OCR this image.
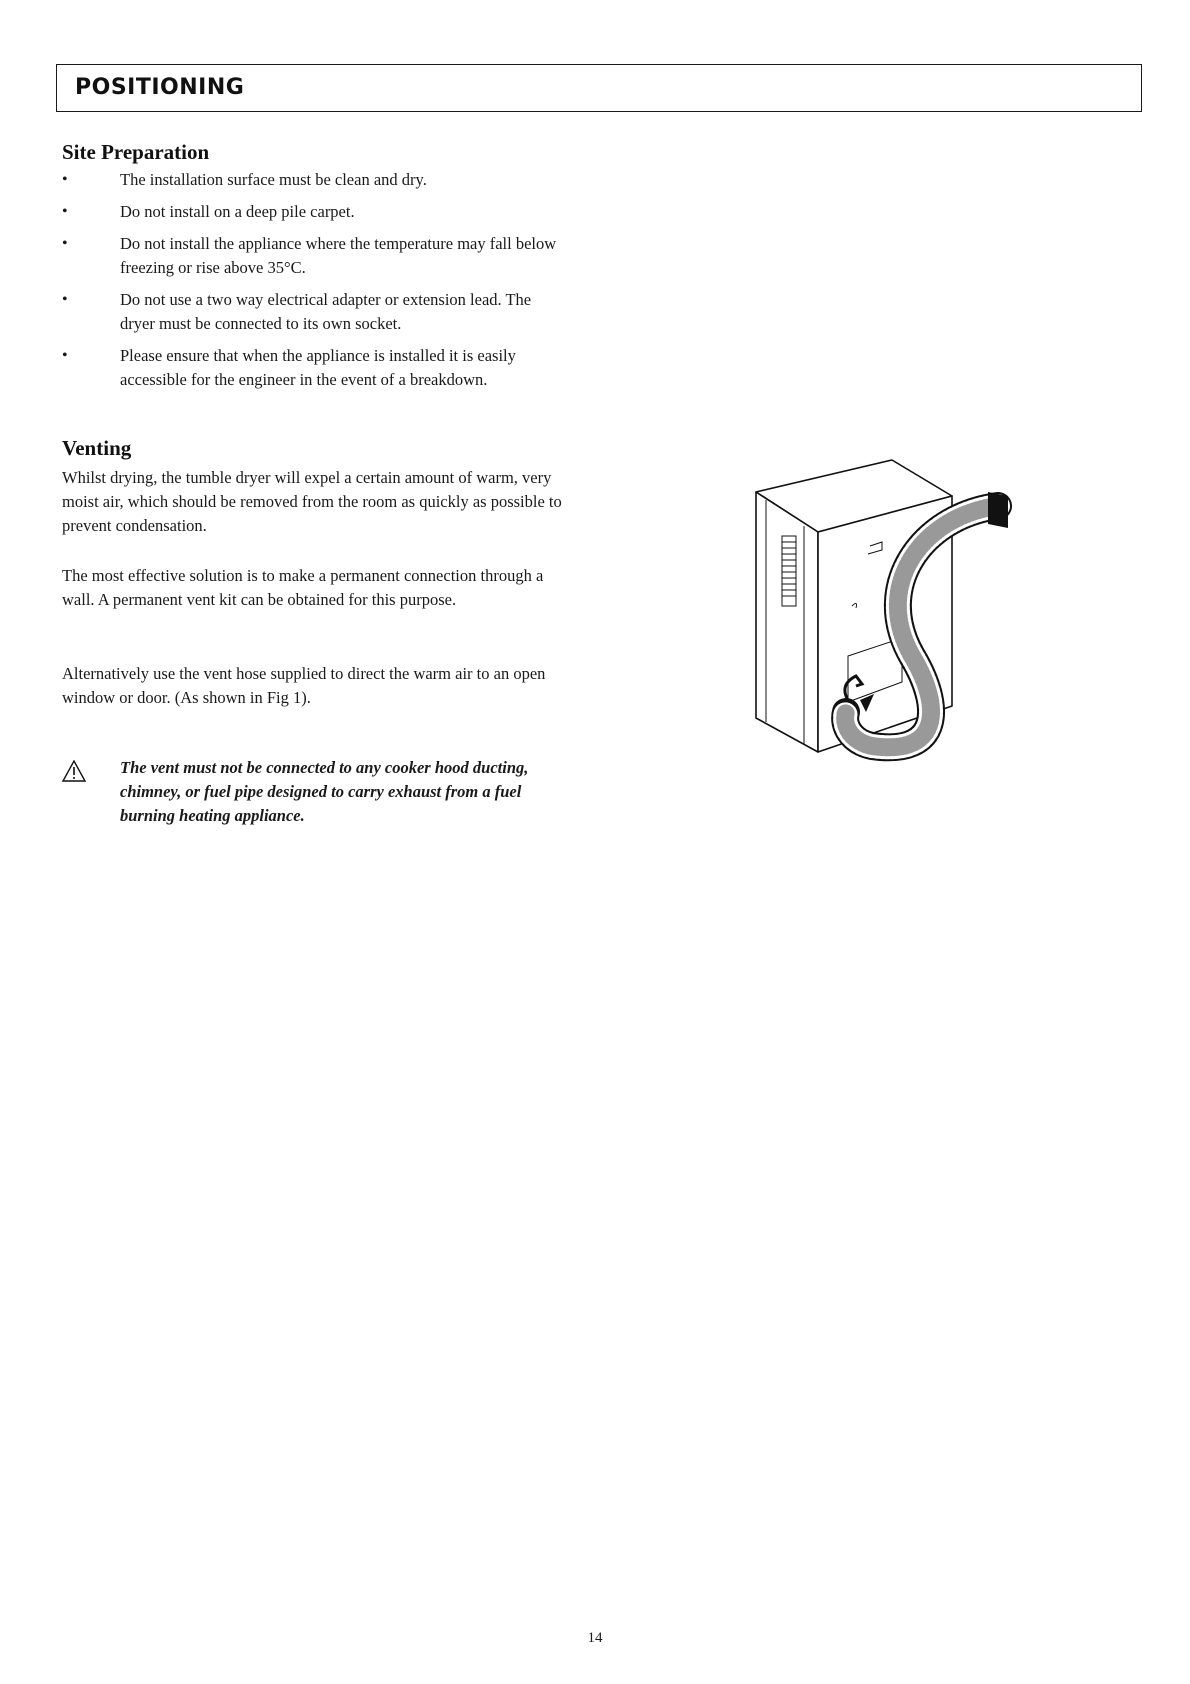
POSITIONING
Site Preparation
•	The installation surface must be clean and dry.
•	Do not install on a deep pile carpet.
•	Do not install the appliance where the temperature may fall below freezing or rise above 35°C.
•	Do not use a two way electrical adapter or extension lead. The dryer must be connected to its own socket.
•	Please ensure that when the appliance is installed it is easily accessible for the engineer in the event of a breakdown.
Venting

Whilst drying, the tumble dryer will expel a certain amount of warm, very moist air, which should be removed from the room as quickly as possible to prevent condensation.

The most effective solution is to make a permanent connection through a wall. A permanent vent kit can be obtained for this purpose.

Alternatively use the vent hose supplied to direct the warm air to an open window or door. (As shown in Fig 1).

The vent must not be connected to any cooker hood ducting, chimney, or fuel pipe designed to carry exhaust from a fuel burning heating appliance.

14
